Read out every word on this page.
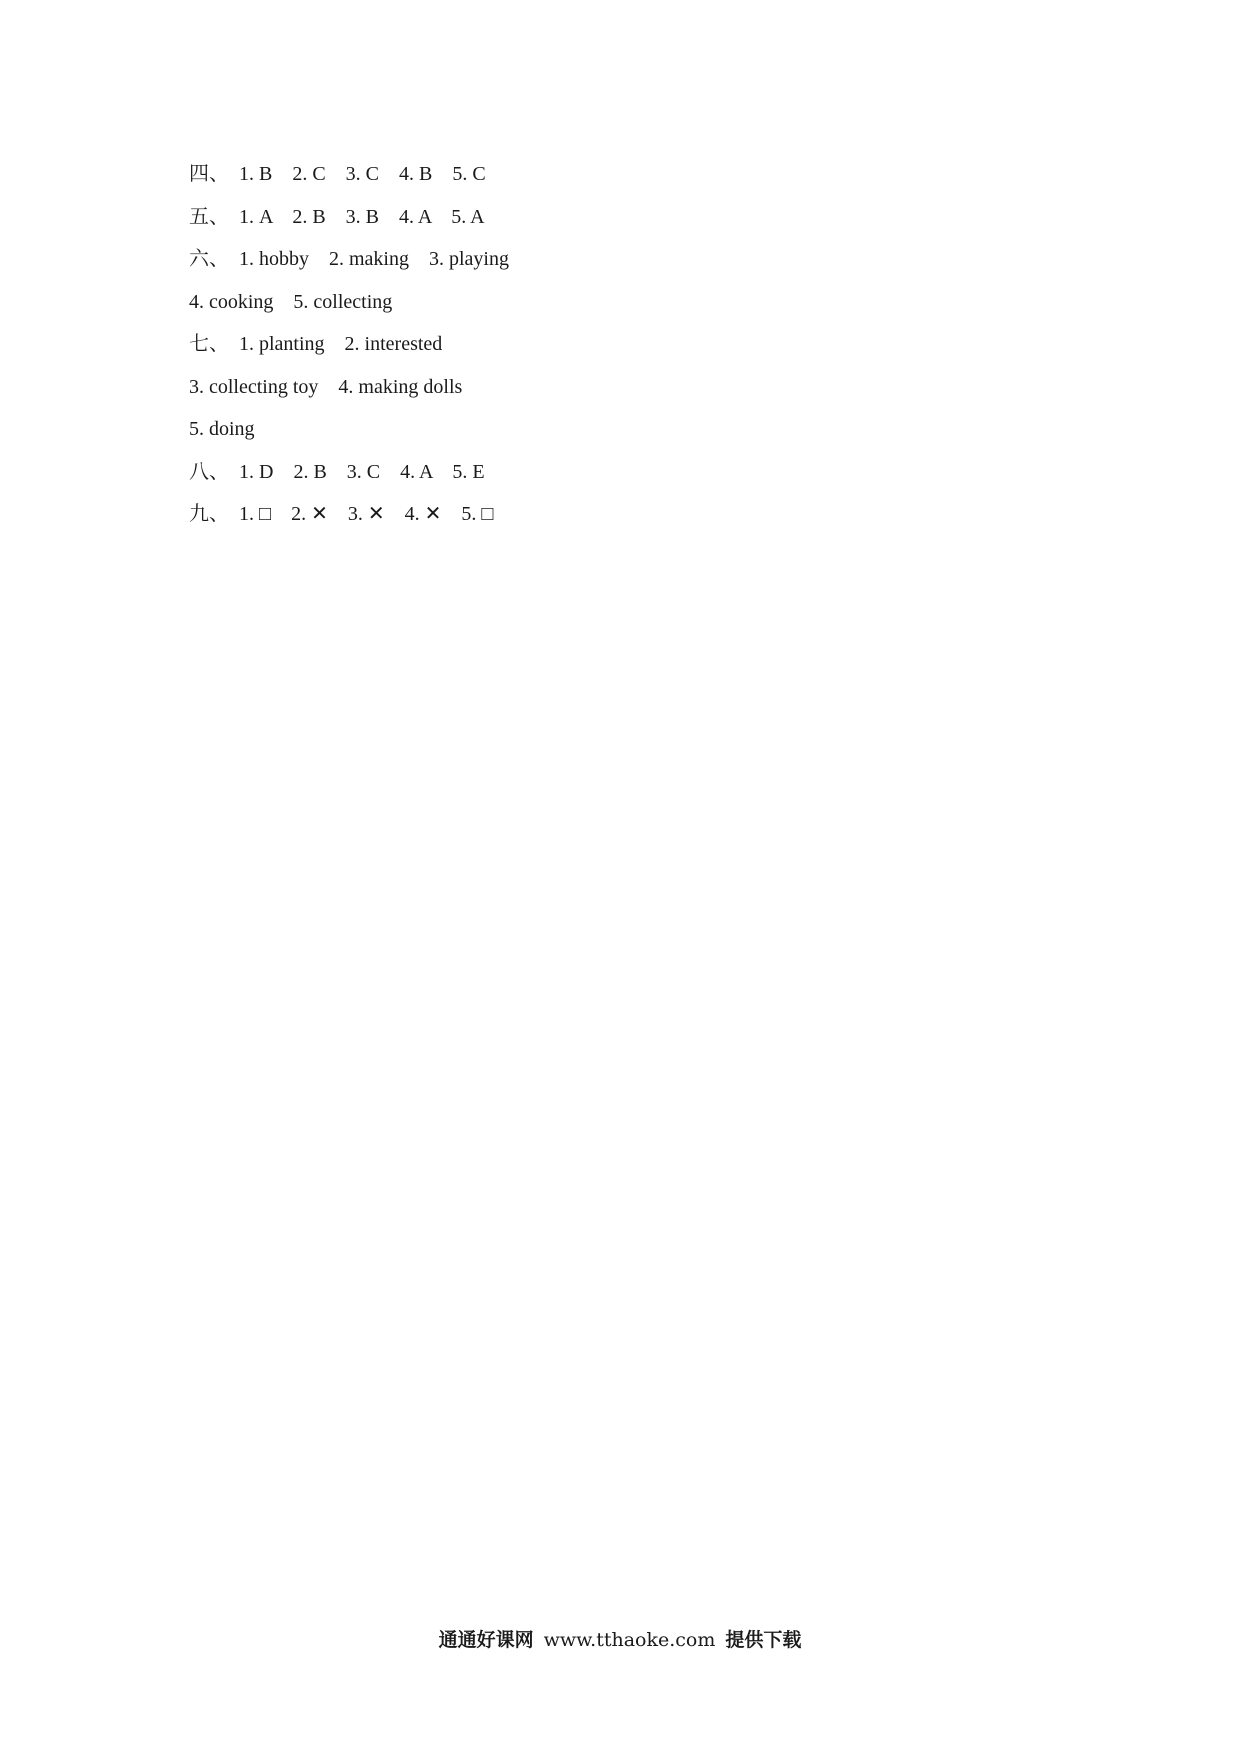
四、  1. B    2. C    3. C    4. B    5. C
五、  1. A    2. B    3. B    4. A    5. A
六、  1. hobby    2. making    3. playing
4. cooking    5. collecting
七、  1. planting    2. interested
3. collecting toy    4. making dolls
5. doing
八、  1. D    2. B    3. C    4. A    5. E
九、  1. □    2. ✕    3. ✕    4. ✕    5. □
通通好课网 www.tthaoke.com 提供下载
